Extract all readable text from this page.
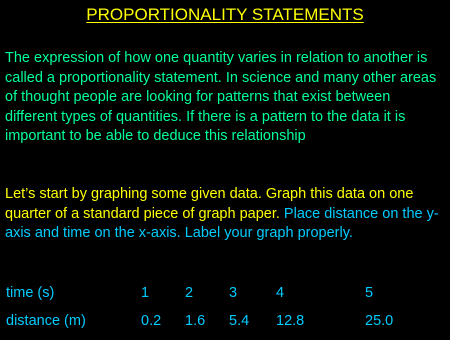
PROPORTIONALITY STATEMENTS

The expression of how one quantity varies in relation to another is called a proportionality statement. In science and many other areas of thought people are looking for patterns that exist between different types of quantities. If there is a pattern to the data it is important to be able to deduce this relationship

Let’s start by graphing some given data. Graph this data on one quarter of a standard piece of graph paper. Place distance on the y-axis and time on the x-axis. Label your graph properly.

time (s)	1 2 3	4	5
distance (m)	0.2 1.6 5.4 12.8	25.0
